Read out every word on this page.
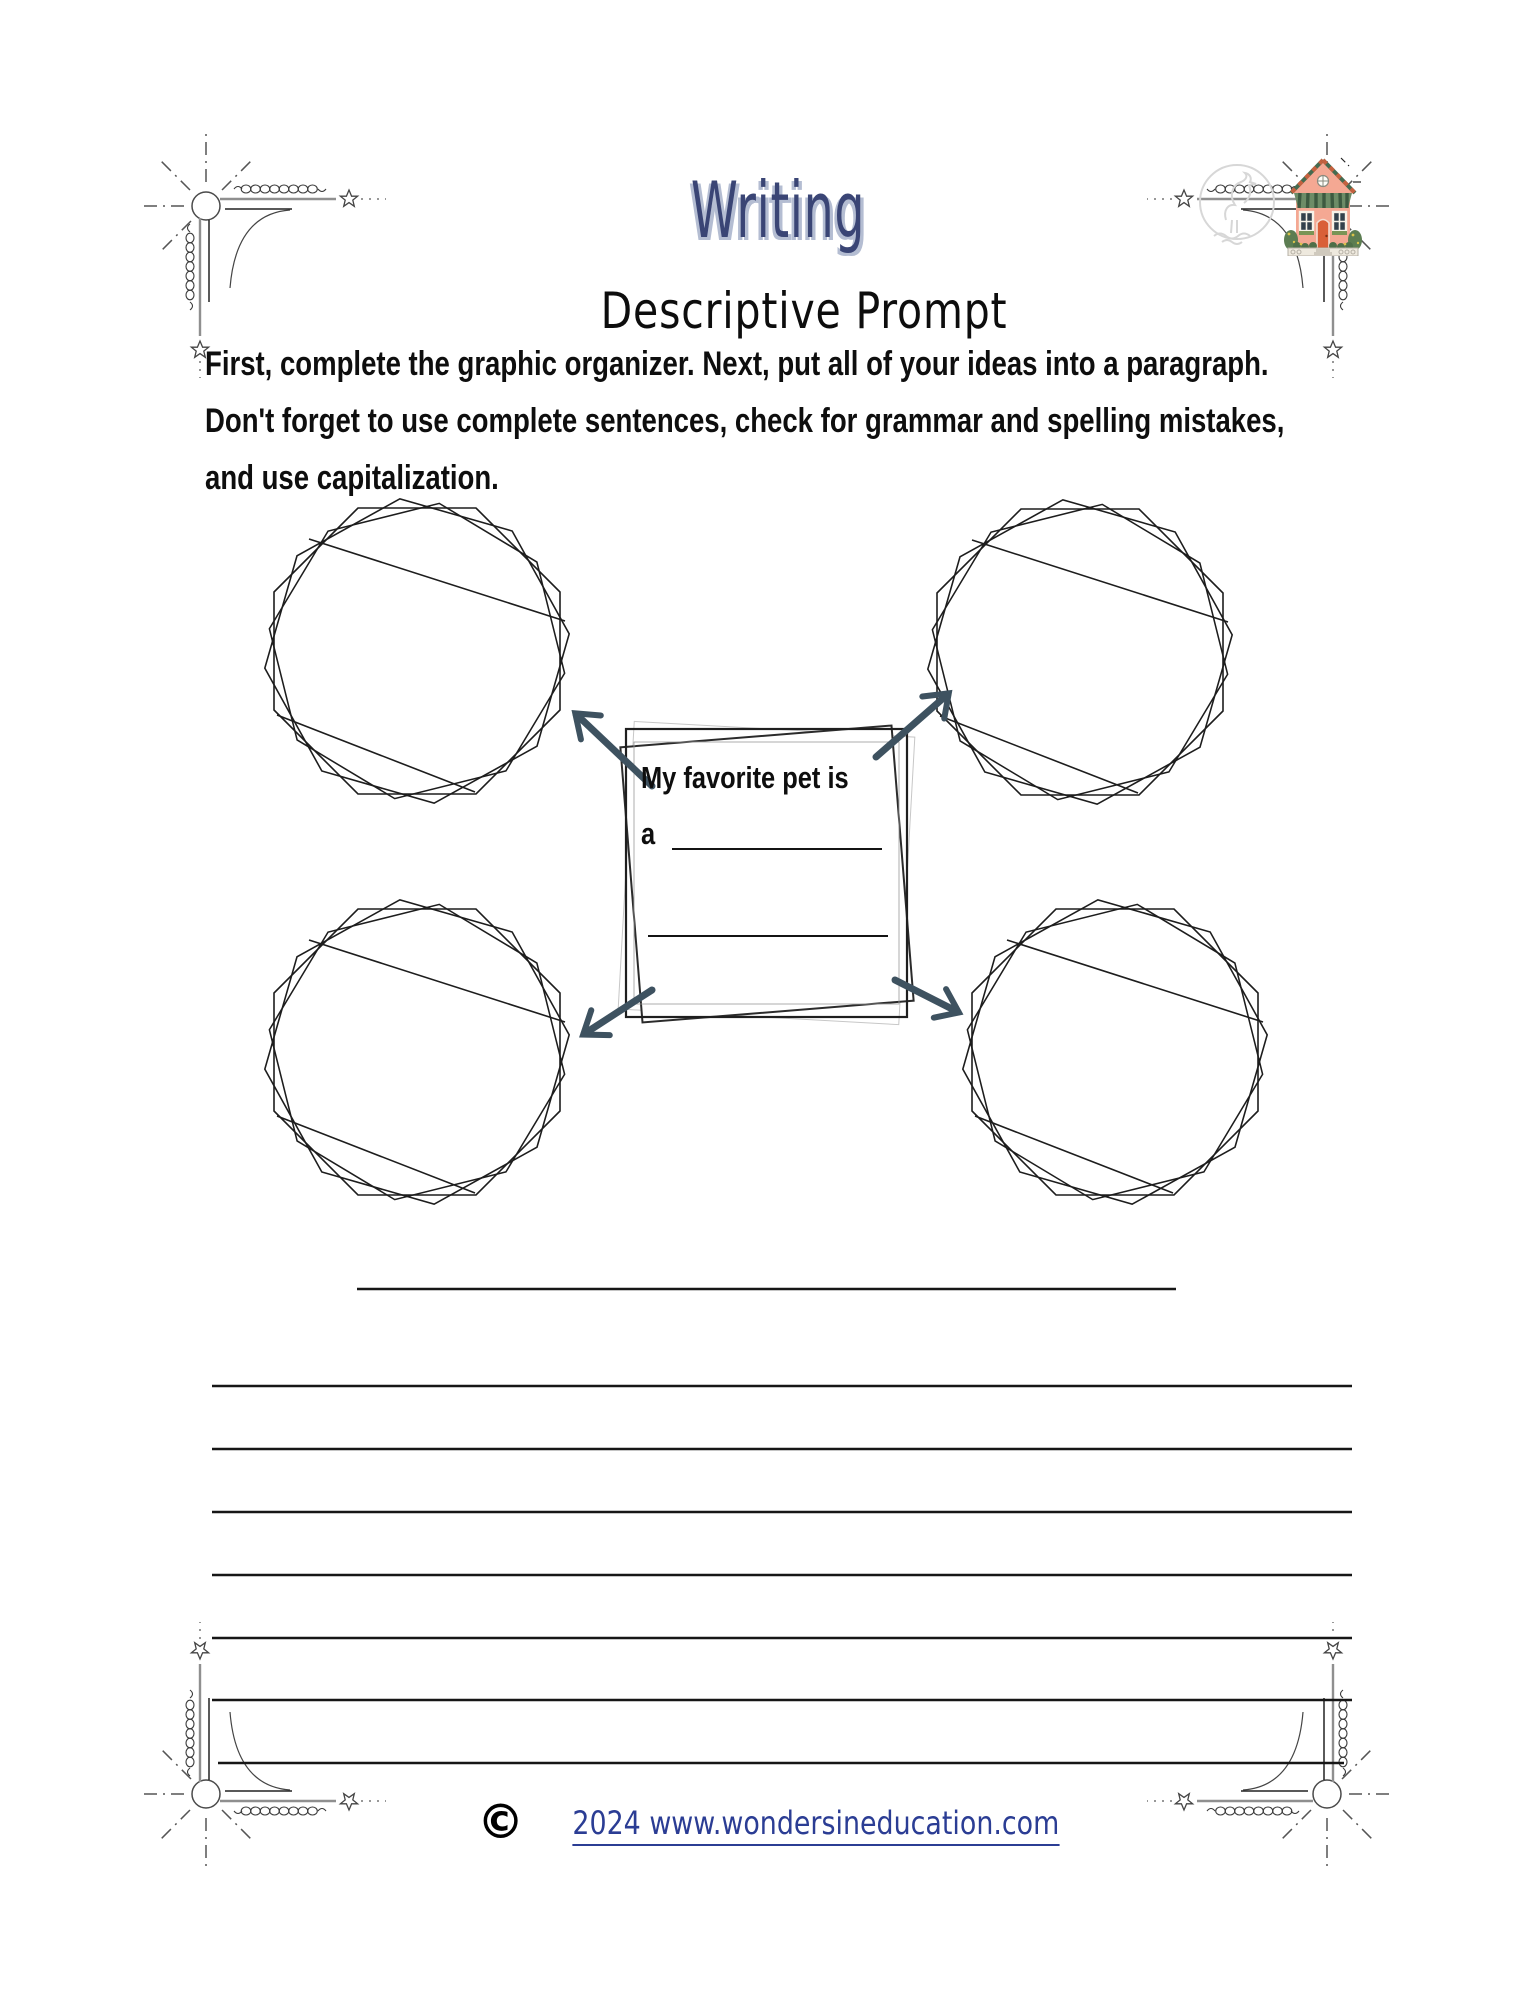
Writing
Descriptive Prompt
First, complete the graphic organizer. Next, put all of your ideas into a paragraph.
Don't forget to use complete sentences, check for grammar and spelling mistakes,
and use capitalization.
My favorite pet is
a
© 2024 www.wondersineducation.com
